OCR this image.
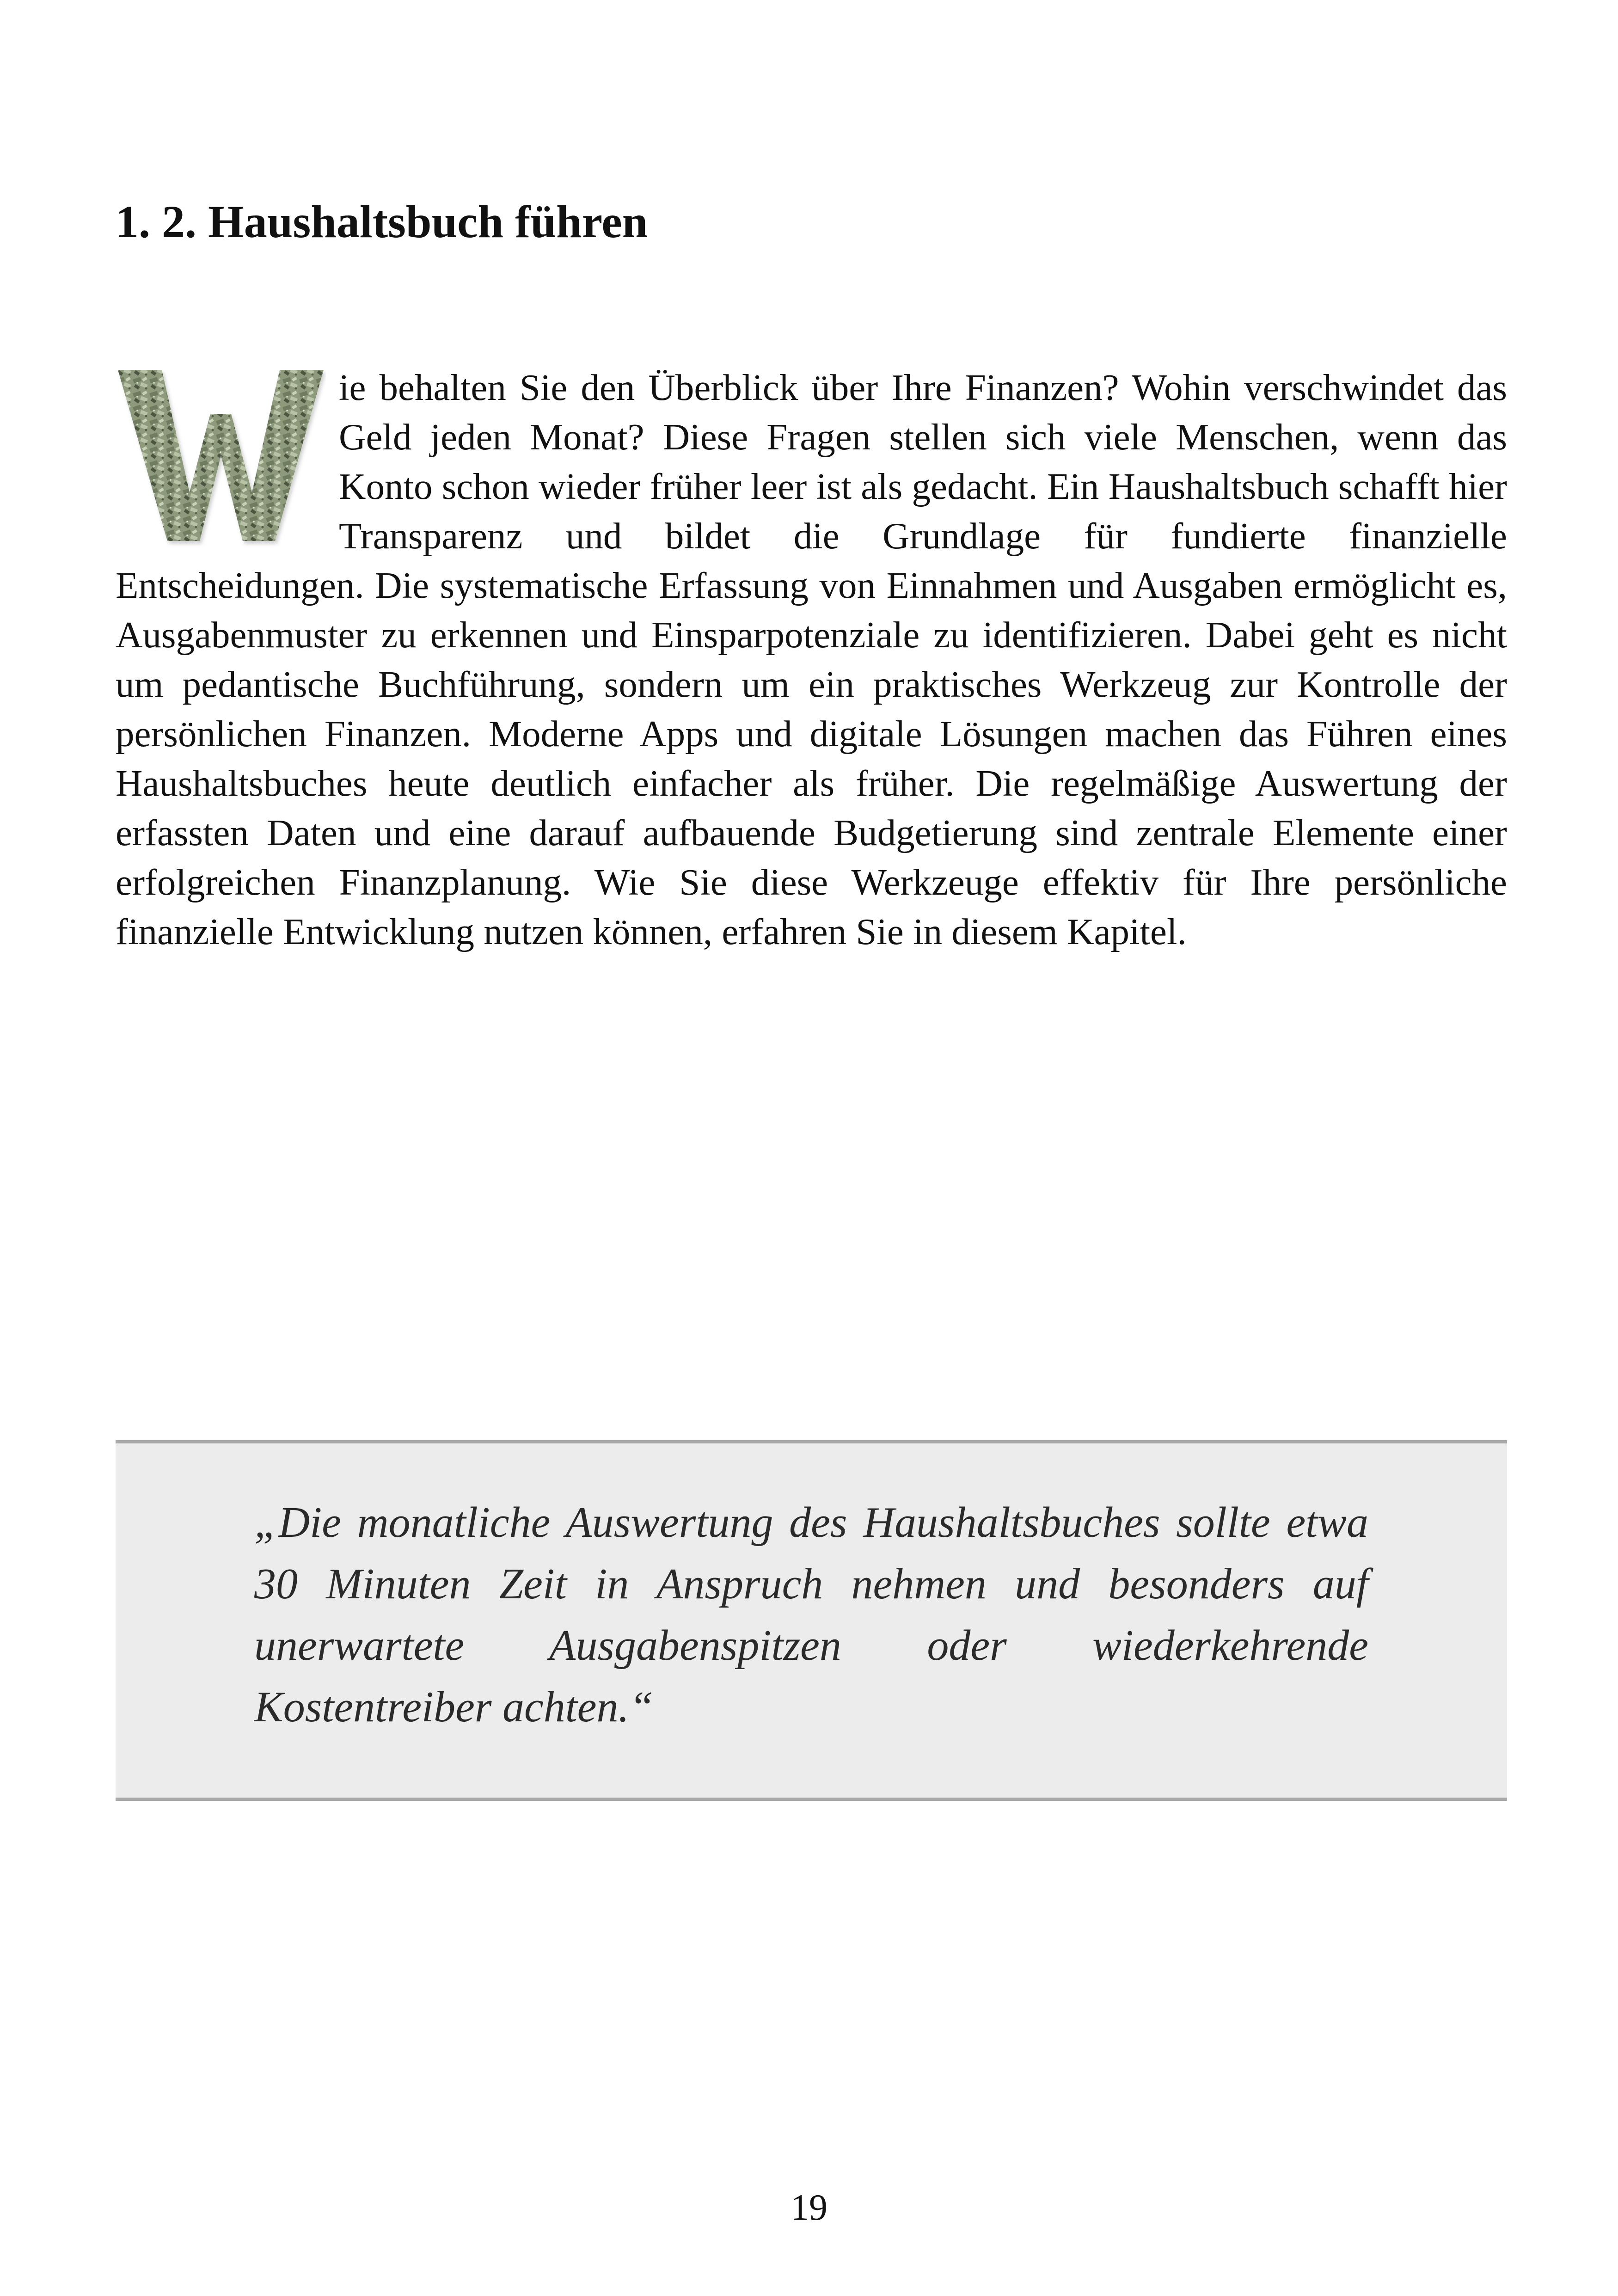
1. 2. Haushaltsbuch führen

ie behalten Sie den Überblick über Ihre Finanzen? Wohin verschwindet das Geld jeden Monat? Diese Fragen stellen sich viele Menschen, wenn das Konto schon wieder früher leer ist als gedacht. Ein Haushaltsbuch schafft hier Transparenz und bildet die Grundlage für fundierte finanzielle Entscheidungen. Die systematische Erfassung von Einnahmen und Ausgaben ermöglicht es, Ausgabenmuster zu erkennen und Einsparpotenziale zu identifizieren. Dabei geht es nicht um pedantische Buchführung, sondern um ein praktisches Werkzeug zur Kontrolle der persönlichen Finanzen. Moderne Apps und digitale Lösungen machen das Führen eines Haushaltsbuches heute deutlich einfacher als früher. Die regelmäßige Auswertung der erfassten Daten und eine darauf aufbauende Budgetierung sind zentrale Elemente einer erfolgreichen Finanzplanung. Wie Sie diese Werkzeuge effektiv für Ihre persönliche finanzielle Entwicklung nutzen können, erfahren Sie in diesem Kapitel.

„Die monatliche Auswertung des Haushaltsbuches sollte etwa 30 Minuten Zeit in Anspruch nehmen und besonders auf unerwartete Ausgabenspitzen oder wiederkehrende Kostentreiber achten.“

19
